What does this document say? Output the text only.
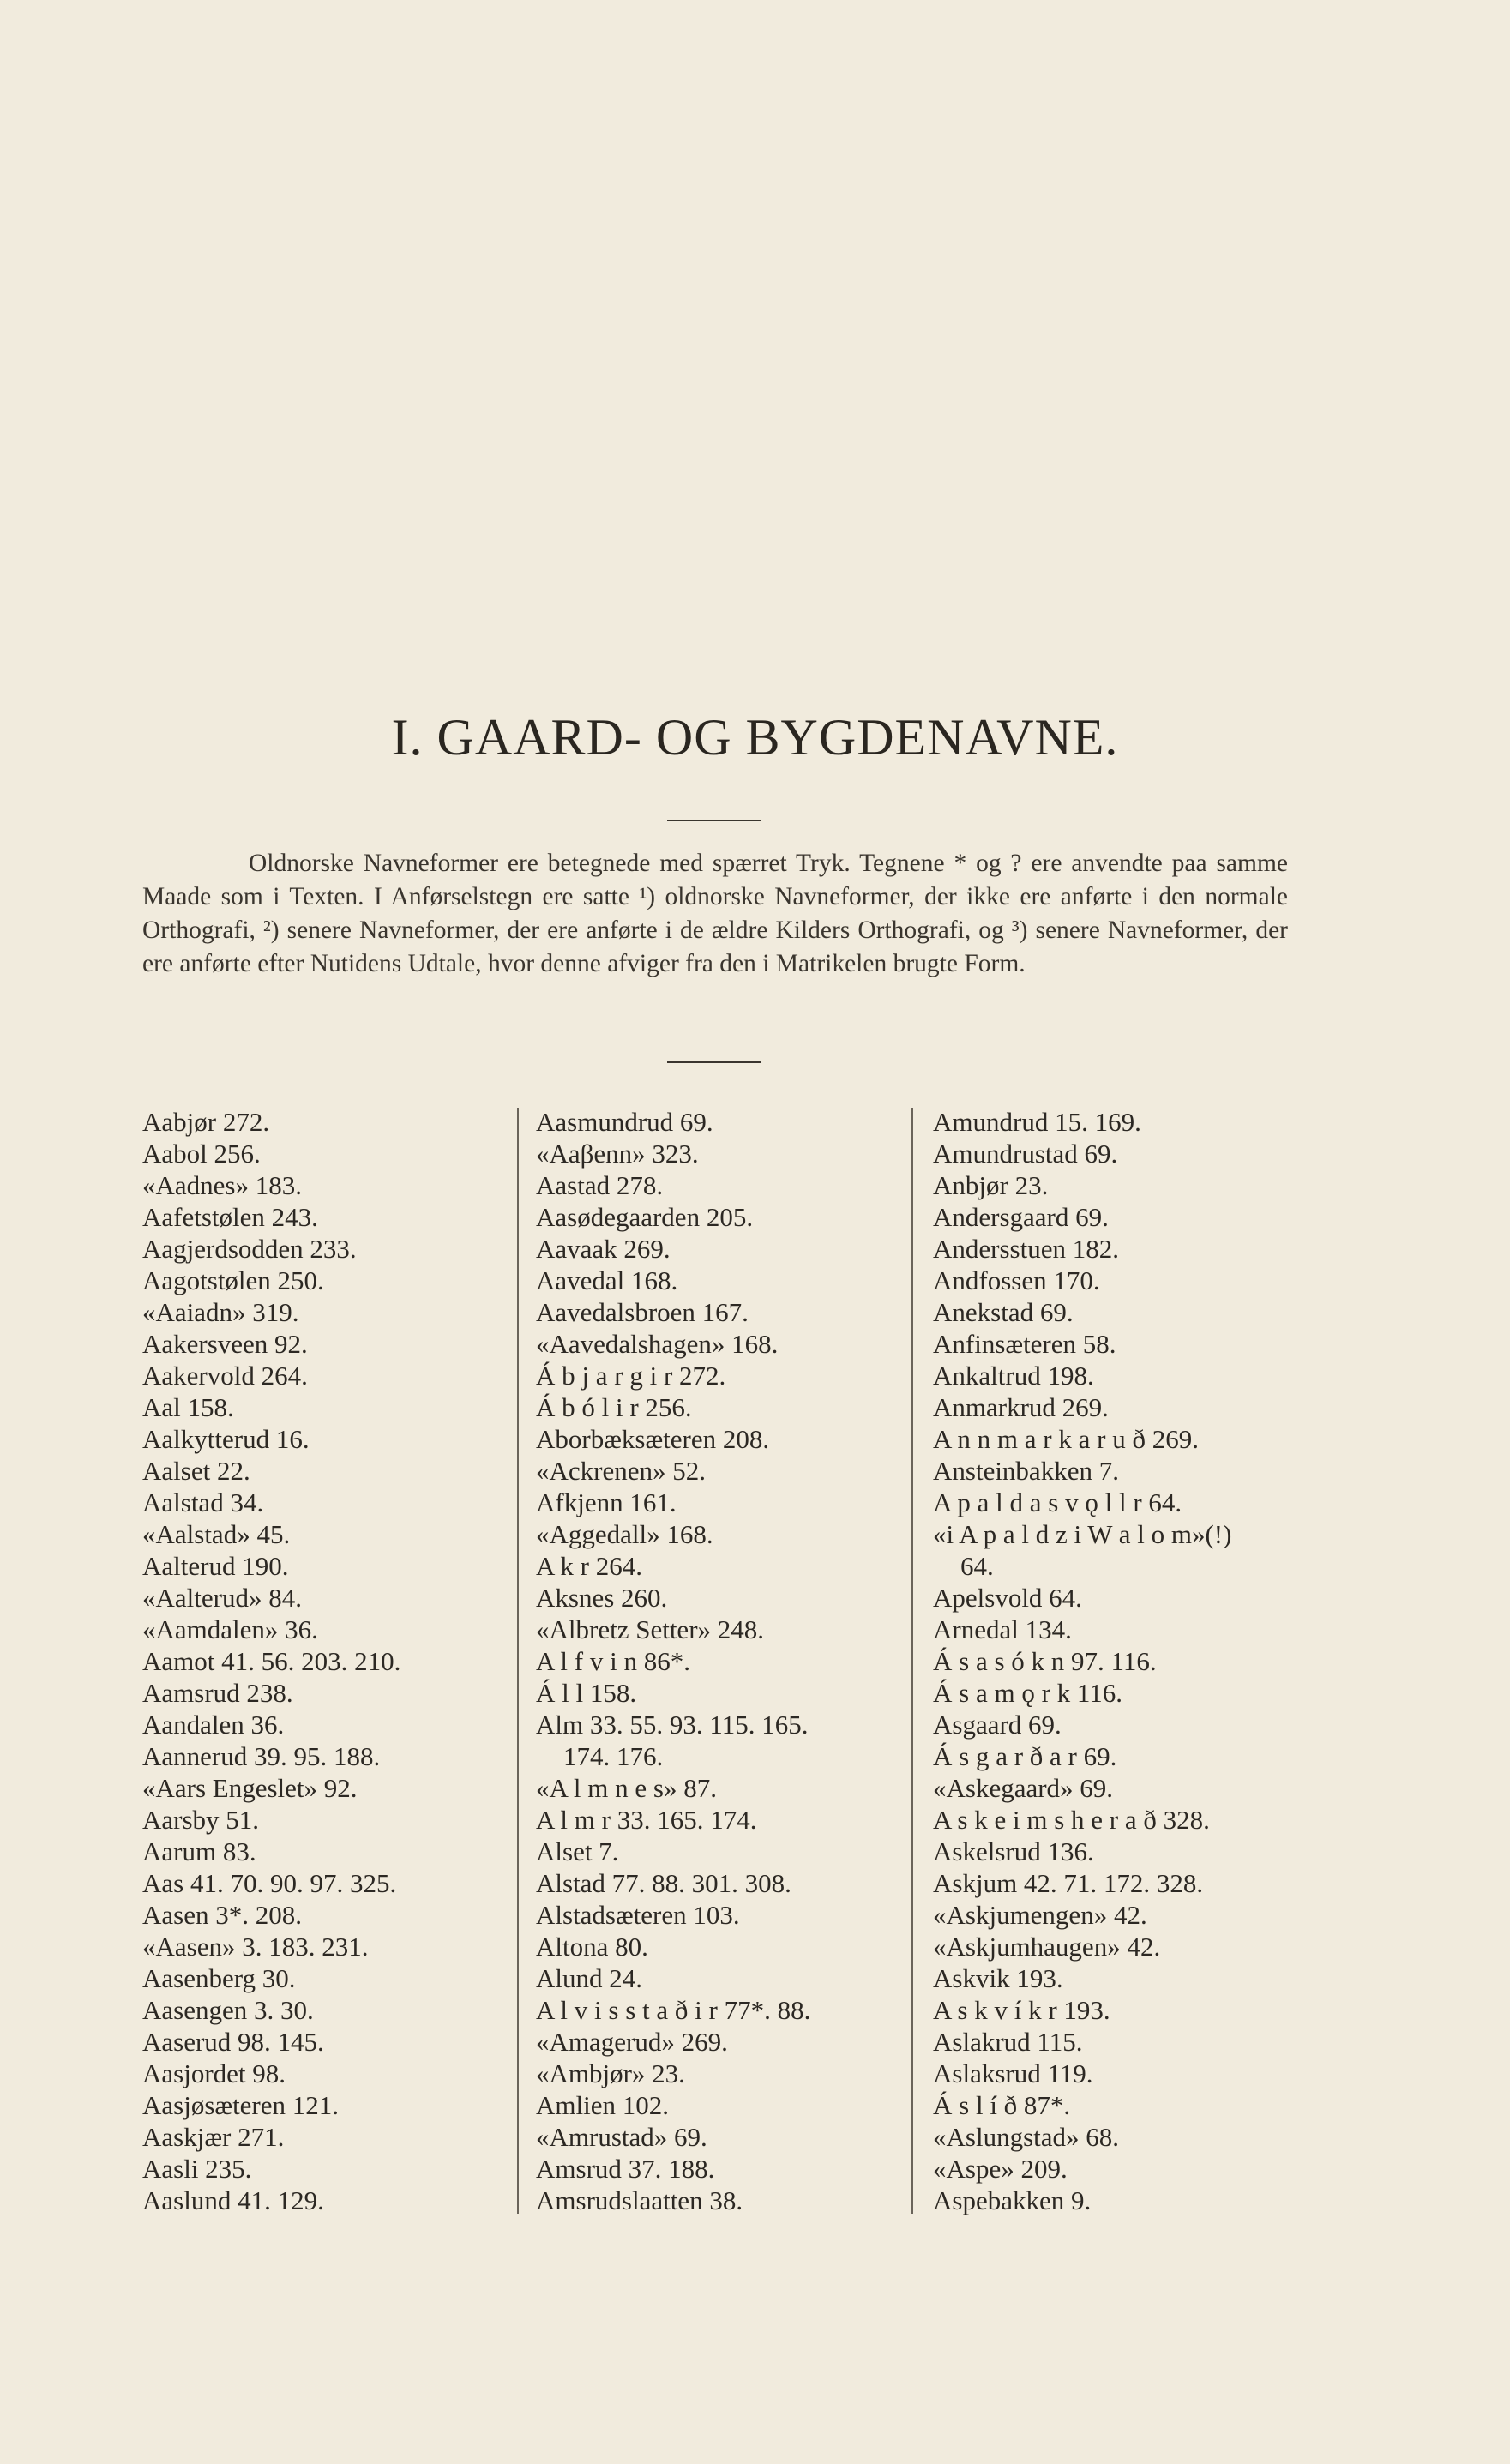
I. GAARD- OG BYGDENAVNE.

Oldnorske Navneformer ere betegnede med spærret Tryk. Tegnene * og ? ere anvendte paa samme Maade som i Texten. I Anførselstegn ere satte ¹) oldnorske Navneformer, der ikke ere anførte i den normale Orthografi, ²) senere Navneformer, der ere anførte i de ældre Kilders Orthografi, og ³) senere Navneformer, der ere anførte efter Nutidens Udtale, hvor denne afviger fra den i Matrikelen brugte Form.

Aabjør 272.
Aabol 256.
«Aadnes» 183.
Aafetstølen 243.
Aagjerdsodden 233.
Aagotstølen 250.
«Aaiadn» 319.
Aakersveen 92.
Aakervold 264.
Aal 158.
Aalkytterud 16.
Aalset 22.
Aalstad 34.
«Aalstad» 45.
Aalterud 190.
«Aalterud» 84.
«Aamdalen» 36.
Aamot 41. 56. 203. 210.
Aamsrud 238.
Aandalen 36.
Aannerud 39. 95. 188.
«Aars Engeslet» 92.
Aarsby 51.
Aarum 83.
Aas 41. 70. 90. 97. 325.
Aasen 3*. 208.
«Aasen» 3. 183. 231.
Aasenberg 30.
Aasengen 3. 30.
Aaserud 98. 145.
Aasjordet 98.
Aasjøsæteren 121.
Aaskjær 271.
Aasli 235.
Aaslund 41. 129.
Aasmundrud 69.
«Aaβenn» 323.
Aastad 278.
Aasødegaarden 205.
Aavaak 269.
Aavedal 168.
Aavedalsbroen 167.
«Aavedalshagen» 168.
Á b j a r g i r 272.
Á b ó l i r 256.
Aborbæksæteren 208.
«Ackrenen» 52.
Afkjenn 161.
«Aggedall» 168.
A k r 264.
Aksnes 260.
«Albretz Setter» 248.
A l f v i n 86*.
Á l l 158.
Alm 33. 55. 93. 115. 165.
174. 176.
«A l m n e s» 87.
A l m r 33. 165. 174.
Alset 7.
Alstad 77. 88. 301. 308.
Alstadsæteren 103.
Altona 80.
Alund 24.
A l v i s s t a ð i r 77*. 88.
«Amagerud» 269.
«Ambjør» 23.
Amlien 102.
«Amrustad» 69.
Amsrud 37. 188.
Amsrudslaatten 38.
Amundrud 15. 169.
Amundrustad 69.
Anbjør 23.
Andersgaard 69.
Andersstuen 182.
Andfossen 170.
Anekstad 69.
Anfinsæteren 58.
Ankaltrud 198.
Anmarkrud 269.
A n n m a r k a r u ð 269.
Ansteinbakken 7.
A p a l d a s v ǫ l l r 64.
«i A p a l d z i W a l o m»(!)
64.
Apelsvold 64.
Arnedal 134.
Á s a s ó k n 97. 116.
Á s a m ǫ r k 116.
Asgaard 69.
Á s g a r ð a r 69.
«Askegaard» 69.
A s k e i m s h e r a ð 328.
Askelsrud 136.
Askjum 42. 71. 172. 328.
«Askjumengen» 42.
«Askjumhaugen» 42.
Askvik 193.
A s k v í k r 193.
Aslakrud 115.
Aslaksrud 119.
Á s l í ð 87*.
«Aslungstad» 68.
«Aspe» 209.
Aspebakken 9.
